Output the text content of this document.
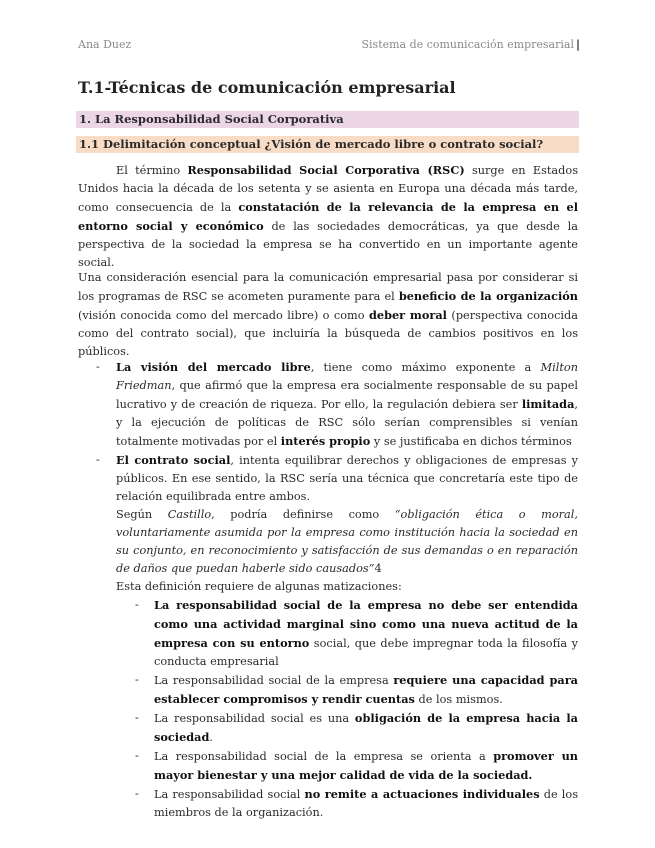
Ana Duez	Sistema de comunicación empresarial |
T.1-Técnicas de comunicación empresarial
1. La Responsabilidad Social Corporativa
1.1 Delimitación conceptual ¿Visión de mercado libre o contrato social?

El término Responsabilidad Social Corporativa (RSC) surge en Estados Unidos hacia la década de los setenta y se asienta en Europa una década más tarde, como consecuencia de la constatación de la relevancia de la empresa en el entorno social y económico de las sociedades democráticas, ya que desde la perspectiva de la sociedad la empresa se ha convertido en un importante agente social.

Una consideración esencial para la comunicación empresarial pasa por considerar si los programas de RSC se acometen puramente para el beneficio de la organización (visión conocida como del mercado libre) o como deber moral (perspectiva conocida como del contrato social), que incluiría la búsqueda de cambios positivos en los públicos.

- La visión del mercado libre, tiene como máximo exponente a Milton Friedman, que afirmó que la empresa era socialmente responsable de su papel lucrativo y de creación de riqueza. Por ello, la regulación debiera ser limitada, y la ejecución de políticas de RSC sólo serían comprensibles si venían totalmente motivadas por el interés propio y se justificaba en dichos términos
- El contrato social, intenta equilibrar derechos y obligaciones de empresas y públicos. En ese sentido, la RSC sería una técnica que concretaría este tipo de relación equilibrada entre ambos.
Según Castillo, podría definirse como “obligación ética o moral, voluntariamente asumida por la empresa como institución hacia la sociedad en su conjunto, en reconocimiento y satisfacción de sus demandas o en reparación de daños que puedan haberle sido causados”4
Esta definición requiere de algunas matizaciones:
- La responsabilidad social de la empresa no debe ser entendida como una actividad marginal sino como una nueva actitud de la empresa con su entorno social, que debe impregnar toda la filosofía y conducta empresarial
- La responsabilidad social de la empresa requiere una capacidad para establecer compromisos y rendir cuentas de los mismos.
- La responsabilidad social es una obligación de la empresa hacia la sociedad.
- La responsabilidad social de la empresa se orienta a promover un mayor bienestar y una mejor calidad de vida de la sociedad.
- La responsabilidad social no remite a actuaciones individuales de los miembros de la organización.
